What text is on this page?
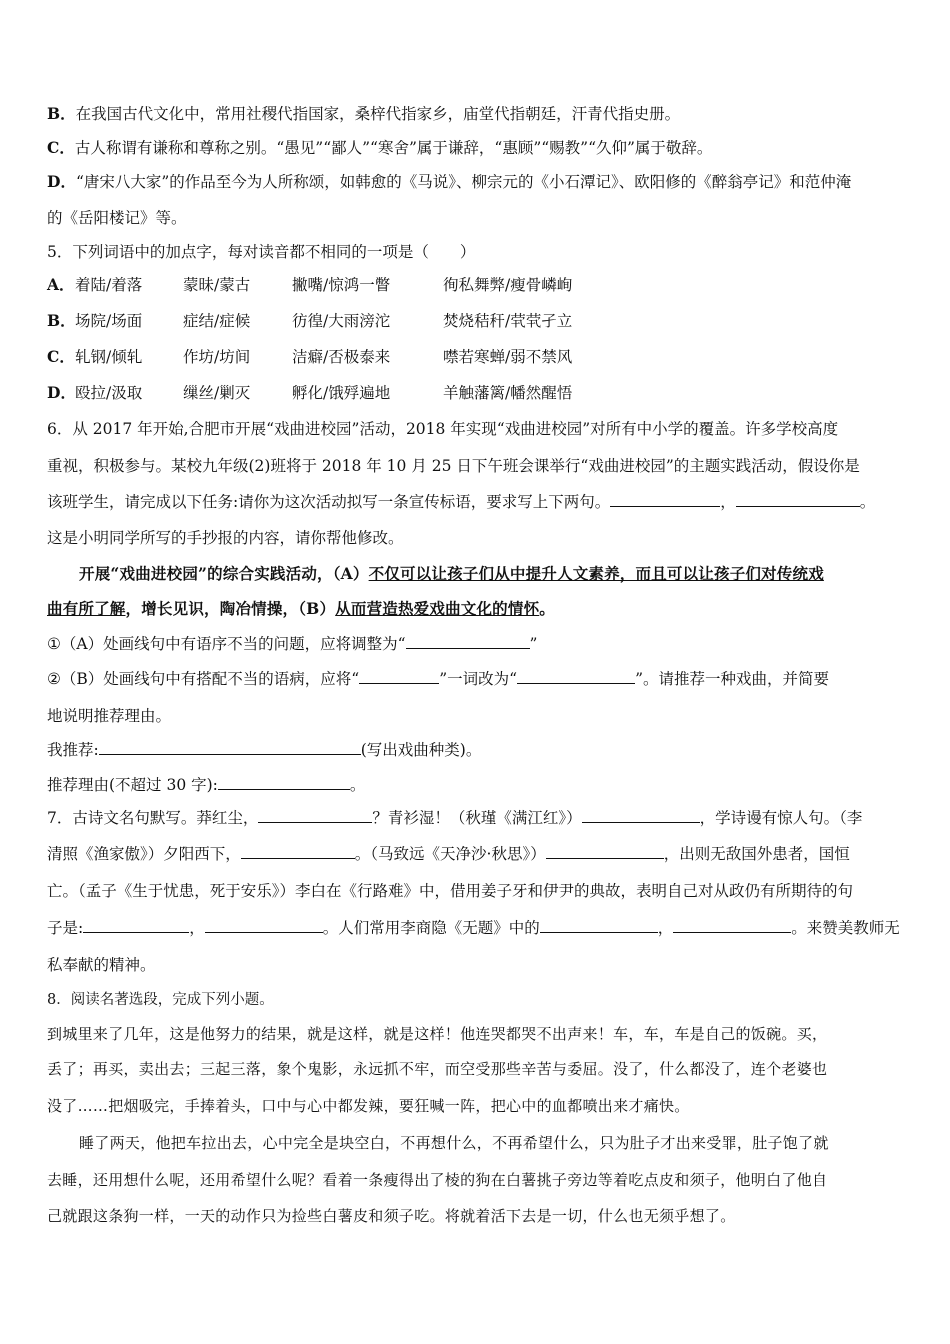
B．在我国古代文化中，常用社稷代指国家，桑梓代指家乡，庙堂代指朝廷，汗青代指史册。
C．古人称谓有谦称和尊称之别。“愚见”“鄙人”“寒舍”属于谦辞，“惠顾”“赐教”“久仰”属于敬辞。
D．“唐宋八大家”的作品至今为人所称颂，如韩愈的《马说》、柳宗元的《小石潭记》、欧阳修的《醉翁亭记》和范仲淹
的《岳阳楼记》等。
5．下列词语中的加点字，每对读音都不相同的一项是（　　）
A． 着陆/着落	蒙昧/蒙古	撇嘴/惊鸿一瞥	徇私舞弊/瘦骨嶙峋
B． 场院/场面	症结/症候	彷徨/大雨滂沱	焚烧秸秆/茕茕孑立
C． 轧钢/倾轧	作坊/坊间	洁癖/否极泰来	噤若寒蝉/弱不禁风
D． 殴拉/汲取	缫丝/剿灭	孵化/饿殍遍地	羊触藩篱/幡然醒悟
6．从 2017 年开始,合肥市开展“戏曲进校园”活动，2018 年实现“戏曲进校园”对所有中小学的覆盖。许多学校高度
重视，积极参与。某校九年级(2)班将于 2018 年 10 月 25 日下午班会课举行“戏曲进校园”的主题实践活动，假设你是
该班学生，请完成以下任务:请你为这次活动拟写一条宣传标语，要求写上下两句。	，	。
这是小明同学所写的手抄报的内容，请你帮他修改。
开展“戏曲进校园”的综合实践活动，（A）不仅可以让孩子们从中提升人文素养，而且可以让孩子们对传统戏
曲有所了解，增长见识，陶冶情操，（B）从而营造热爱戏曲文化的情怀。
①（A）处画线句中有语序不当的问题，应将调整为“	”
②（B）处画线句中有搭配不当的语病，应将“	”一词改为“	”。请推荐一种戏曲，并简要
地说明推荐理由。
我推荐:	(写出戏曲种类)。
推荐理由(不超过 30 字):	。
7．古诗文名句默写。莽红尘，	？青衫湿！（秋瑾《满江红》）	，学诗谩有惊人句。（李
清照《渔家傲》）夕阳西下，	。（马致远《天净沙·秋思》）	，出则无敌国外患者，国恒
亡。（孟子《生于忧患，死于安乐》）李白在《行路难》中，借用姜子牙和伊尹的典故，表明自己对从政仍有所期待的句
子是:	，	。人们常用李商隐《无题》中的	，	。来赞美教师无
私奉献的精神。
8．阅读名著选段，完成下列小题。
到城里来了几年，这是他努力的结果，就是这样，就是这样！他连哭都哭不出声来！车，车，车是自己的饭碗。买，
丢了；再买，卖出去；三起三落，象个鬼影，永远抓不牢，而空受那些辛苦与委屈。没了，什么都没了，连个老婆也
没了……把烟吸完，手捧着头，口中与心中都发辣，要狂喊一阵，把心中的血都喷出来才痛快。
睡了两天，他把车拉出去，心中完全是块空白，不再想什么，不再希望什么，只为肚子才出来受罪，肚子饱了就
去睡，还用想什么呢，还用希望什么呢？看着一条瘦得出了棱的狗在白薯挑子旁边等着吃点皮和须子，他明白了他自
己就跟这条狗一样，一天的动作只为捡些白薯皮和须子吃。将就着活下去是一切，什么也无须乎想了。
